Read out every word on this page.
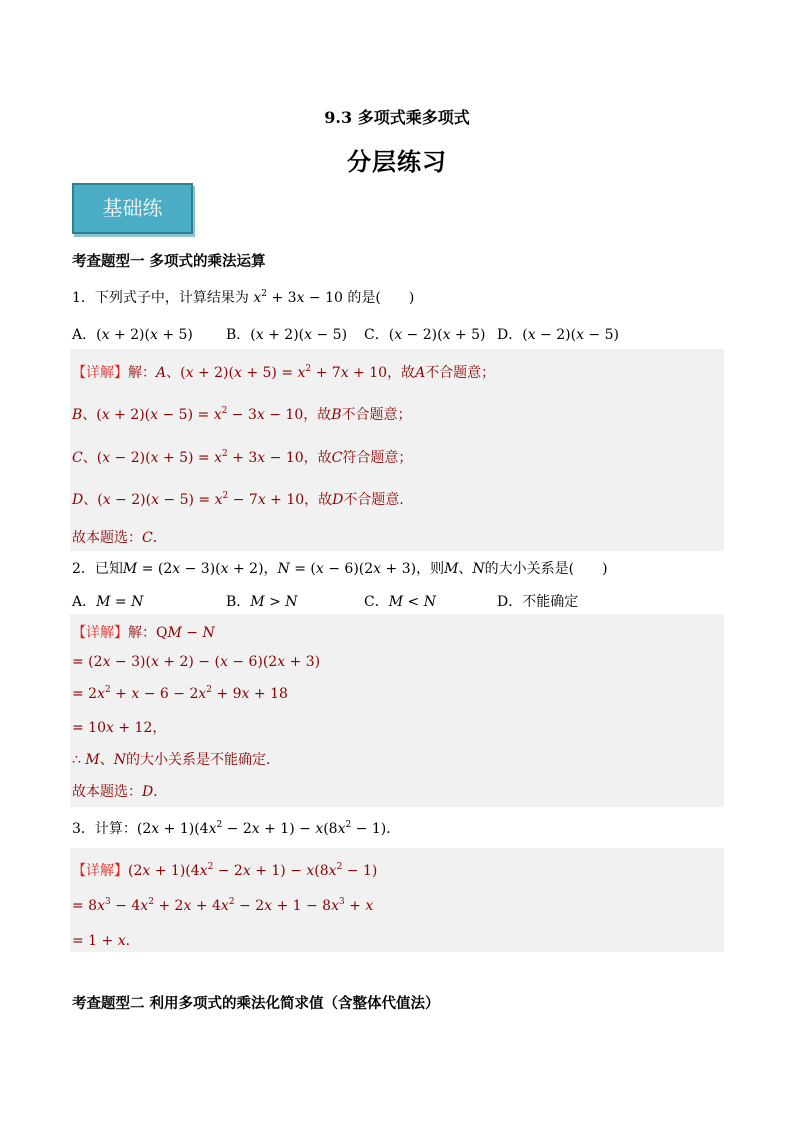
9.3 多项式乘多项式
分层练习
基础练
考查题型一 多项式的乘法运算
1．下列式子中，计算结果为 $x^2 + 3x - 10$ 的是(　　)
A．(x + 2)(x + 5) B．(x + 2)(x − 5) C．(x − 2)(x + 5) D．(x − 2)(x − 5)
【详解】解：A、$(x + 2)(x + 5) = x^2 + 7x + 10$，故A不合题意；
B、$(x + 2)(x - 5) = x^2 - 3x - 10$，故B不合题意；
C、$(x - 2)(x + 5) = x^2 + 3x - 10$，故C符合题意；
D、$(x - 2)(x - 5) = x^2 - 7x + 10$，故D不合题意．
故本题选：C．
2．已知M = (2x − 3)(x + 2)，N = (x − 6)(2x + 3)，则M、N的大小关系是(　　)
A．M = N	B．M > N	C．M < N	D．不能确定
【详解】解：QM − N
= (2x − 3)(x + 2) − (x − 6)(2x + 3)
= $2x^2 + x - 6 - 2x^2 + 9x + 18$
= 10x + 12，
∴ M、N的大小关系是不能确定．
故本题选：D．
3．计算：$(2x + 1)(4x^2 - 2x + 1) - x(8x^2 - 1)$．
【详解】$(2x + 1)(4x^2 - 2x + 1) - x(8x^2 - 1)$
= $8x^3 - 4x^2 + 2x + 4x^2 - 2x + 1 - 8x^3 + x$
= 1 + x．
考查题型二 利用多项式的乘法化简求值（含整体代值法）
